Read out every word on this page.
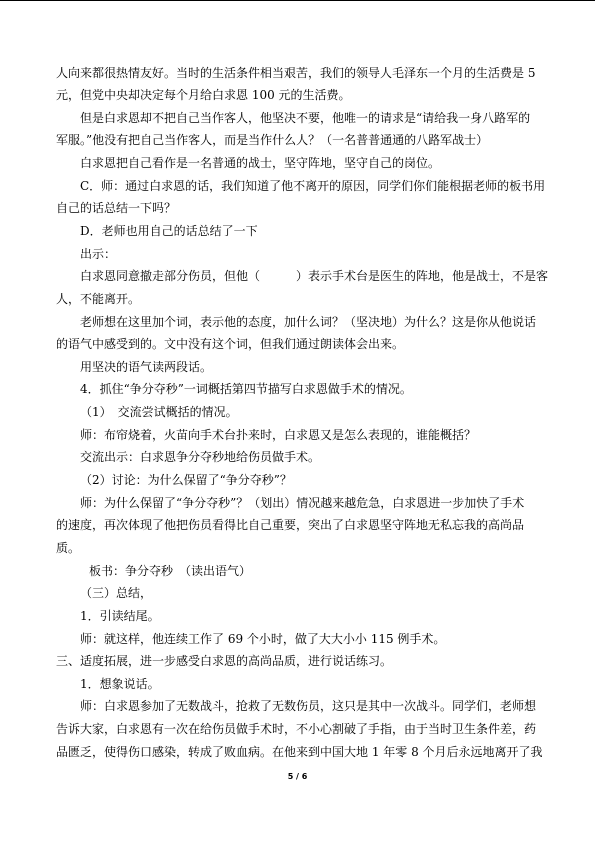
人向来都很热情友好。当时的生活条件相当艰苦，我们的领导人毛泽东一个月的生活费是 5
元，但党中央却决定每个月给白求恩 100 元的生活费。
但是白求恩却不把自己当作客人，他坚决不要，他唯一的请求是“请给我一身八路军的
军服。”他没有把自己当作客人，而是当作什么人？（一名普普通通的八路军战士）
白求恩把自己看作是一名普通的战士，坚守阵地，坚守自己的岗位。
C．师：通过白求恩的话，我们知道了他不离开的原因，同学们你们能根据老师的板书用
自己的话总结一下吗？
D．老师也用自己的话总结了一下
出示：
白求恩同意撤走部分伤员，但他（　　　）表示手术台是医生的阵地，他是战士，不是客
人，不能离开。
老师想在这里加个词，表示他的态度，加什么词？（坚决地）为什么？这是你从他说话
的语气中感受到的。文中没有这个词，但我们通过朗读体会出来。
用坚决的语气读两段话。
4．抓住“争分夺秒”一词概括第四节描写白求恩做手术的情况。
（1）　交流尝试概括的情况。
师：布帘烧着，火苗向手术台扑来时，白求恩又是怎么表现的，谁能概括？
交流出示：白求恩争分夺秒地给伤员做手术。
（2）讨论：为什么保留了“争分夺秒”？
师：为什么保留了“争分夺秒”？（划出）情况越来越危急，白求恩进一步加快了手术
的速度，再次体现了他把伤员看得比自己重要，突出了白求恩坚守阵地无私忘我的高尚品
质。
板书：争分夺秒　（读出语气）
（三）总结，
1．引读结尾。
师：就这样，他连续工作了 69 个小时，做了大大小小 115 例手术。
三、适度拓展，进一步感受白求恩的高尚品质，进行说话练习。
1．想象说话。
师：白求恩参加了无数战斗，抢救了无数伤员，这只是其中一次战斗。同学们，老师想
告诉大家，白求恩有一次在给伤员做手术时，不小心割破了手指，由于当时卫生条件差，药
品匮乏，使得伤口感染，转成了败血病。在他来到中国大地 1 年零 8 个月后永远地离开了我
5 / 6
